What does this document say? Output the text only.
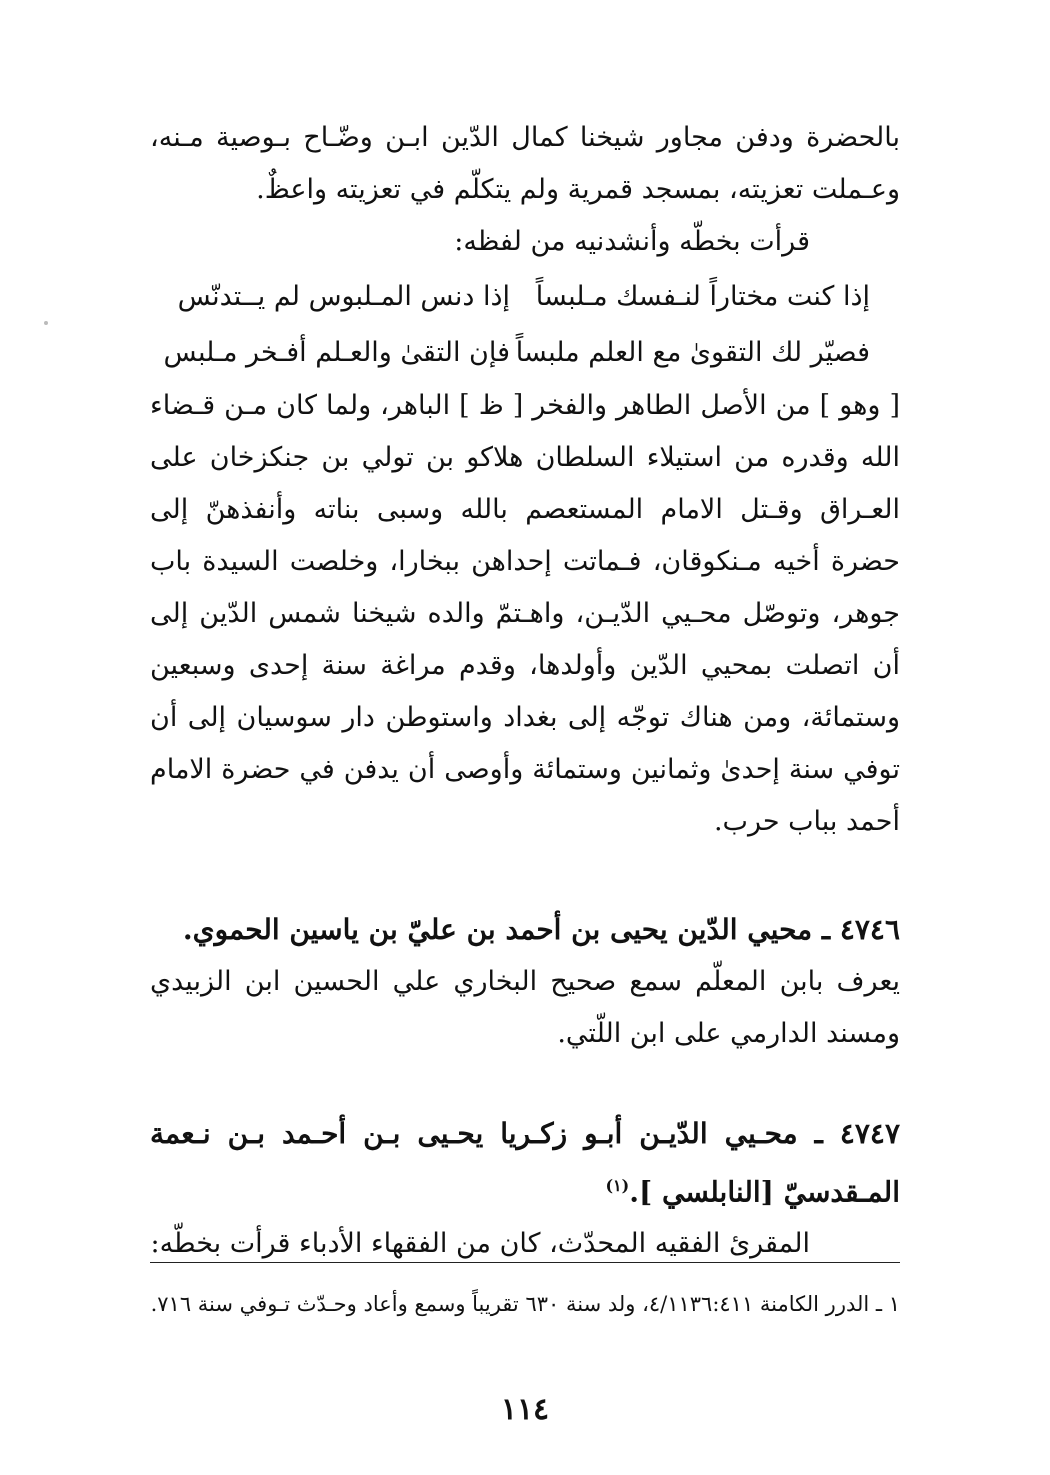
بالحضرة ودفن مجاور شيخنا كمال الدّين ابـن وضّـاح بـوصية مـنه، وعـملت تعزيته، بمسجد قمرية ولم يتكلّم في تعزيته واعظٌ.

قرأت بخطّه وأنشدنيه من لفظه:

إذا كنت مختاراً لنـفسك مـلبساً
إذا دنس المـلبوس لم يــتدنّس
فصيّر لك التقوىٰ مع العلم ملبساً
فإن التقىٰ والعـلم أفـخر مـلبس

[ وهو ] من الأصل الطاهر والفخر [ ظ ] الباهر، ولما كان مـن قـضاء الله وقدره من استيلاء السلطان هلاكو بن تولي بن جنكزخان على العـراق وقـتل الامام المستعصم بالله وسبى بناته وأنفذهنّ إلى حضرة أخيه مـنكوقان، فـماتت إحداهن ببخارا، وخلصت السيدة باب جوهر، وتوصّل محـيي الدّيـن، واهـتمّ والده شيخنا شمس الدّين إلى أن اتصلت بمحيي الدّين وأولدها، وقدم مراغة سنة إحدى وسبعين وستمائة، ومن هناك توجّه إلى بغداد واستوطن دار سوسيان إلى أن توفي سنة إحدىٰ وثمانين وستمائة وأوصى أن يدفن في حضرة الامام أحمد بباب حرب.

٤٧٤٦ ـ محيي الدّين يحيى بن أحمد بن عليّ بن ياسين الحموي.

يعرف بابن المعلّم سمع صحيح البخاري علي الحسين ابن الزبيدي ومسند الدارمي على ابن اللّتي.

٤٧٤٧ ـ محـيي الدّيـن أبـو زكـريا يحـيى بـن أحـمد بـن نـعمة المـقدسيّ [النابلسي ].$^{(١)}$

المقرئ الفقيه المحدّث، كان من الفقهاء الأدباء قرأت بخطّه:

١ ـ الدرر الكامنة ٤/١١٣٦:٤١١، ولد سنة ٦٣٠ تقريباً وسمع وأعاد وحـدّث تـوفي سنة ٧١٦.
١١٤
